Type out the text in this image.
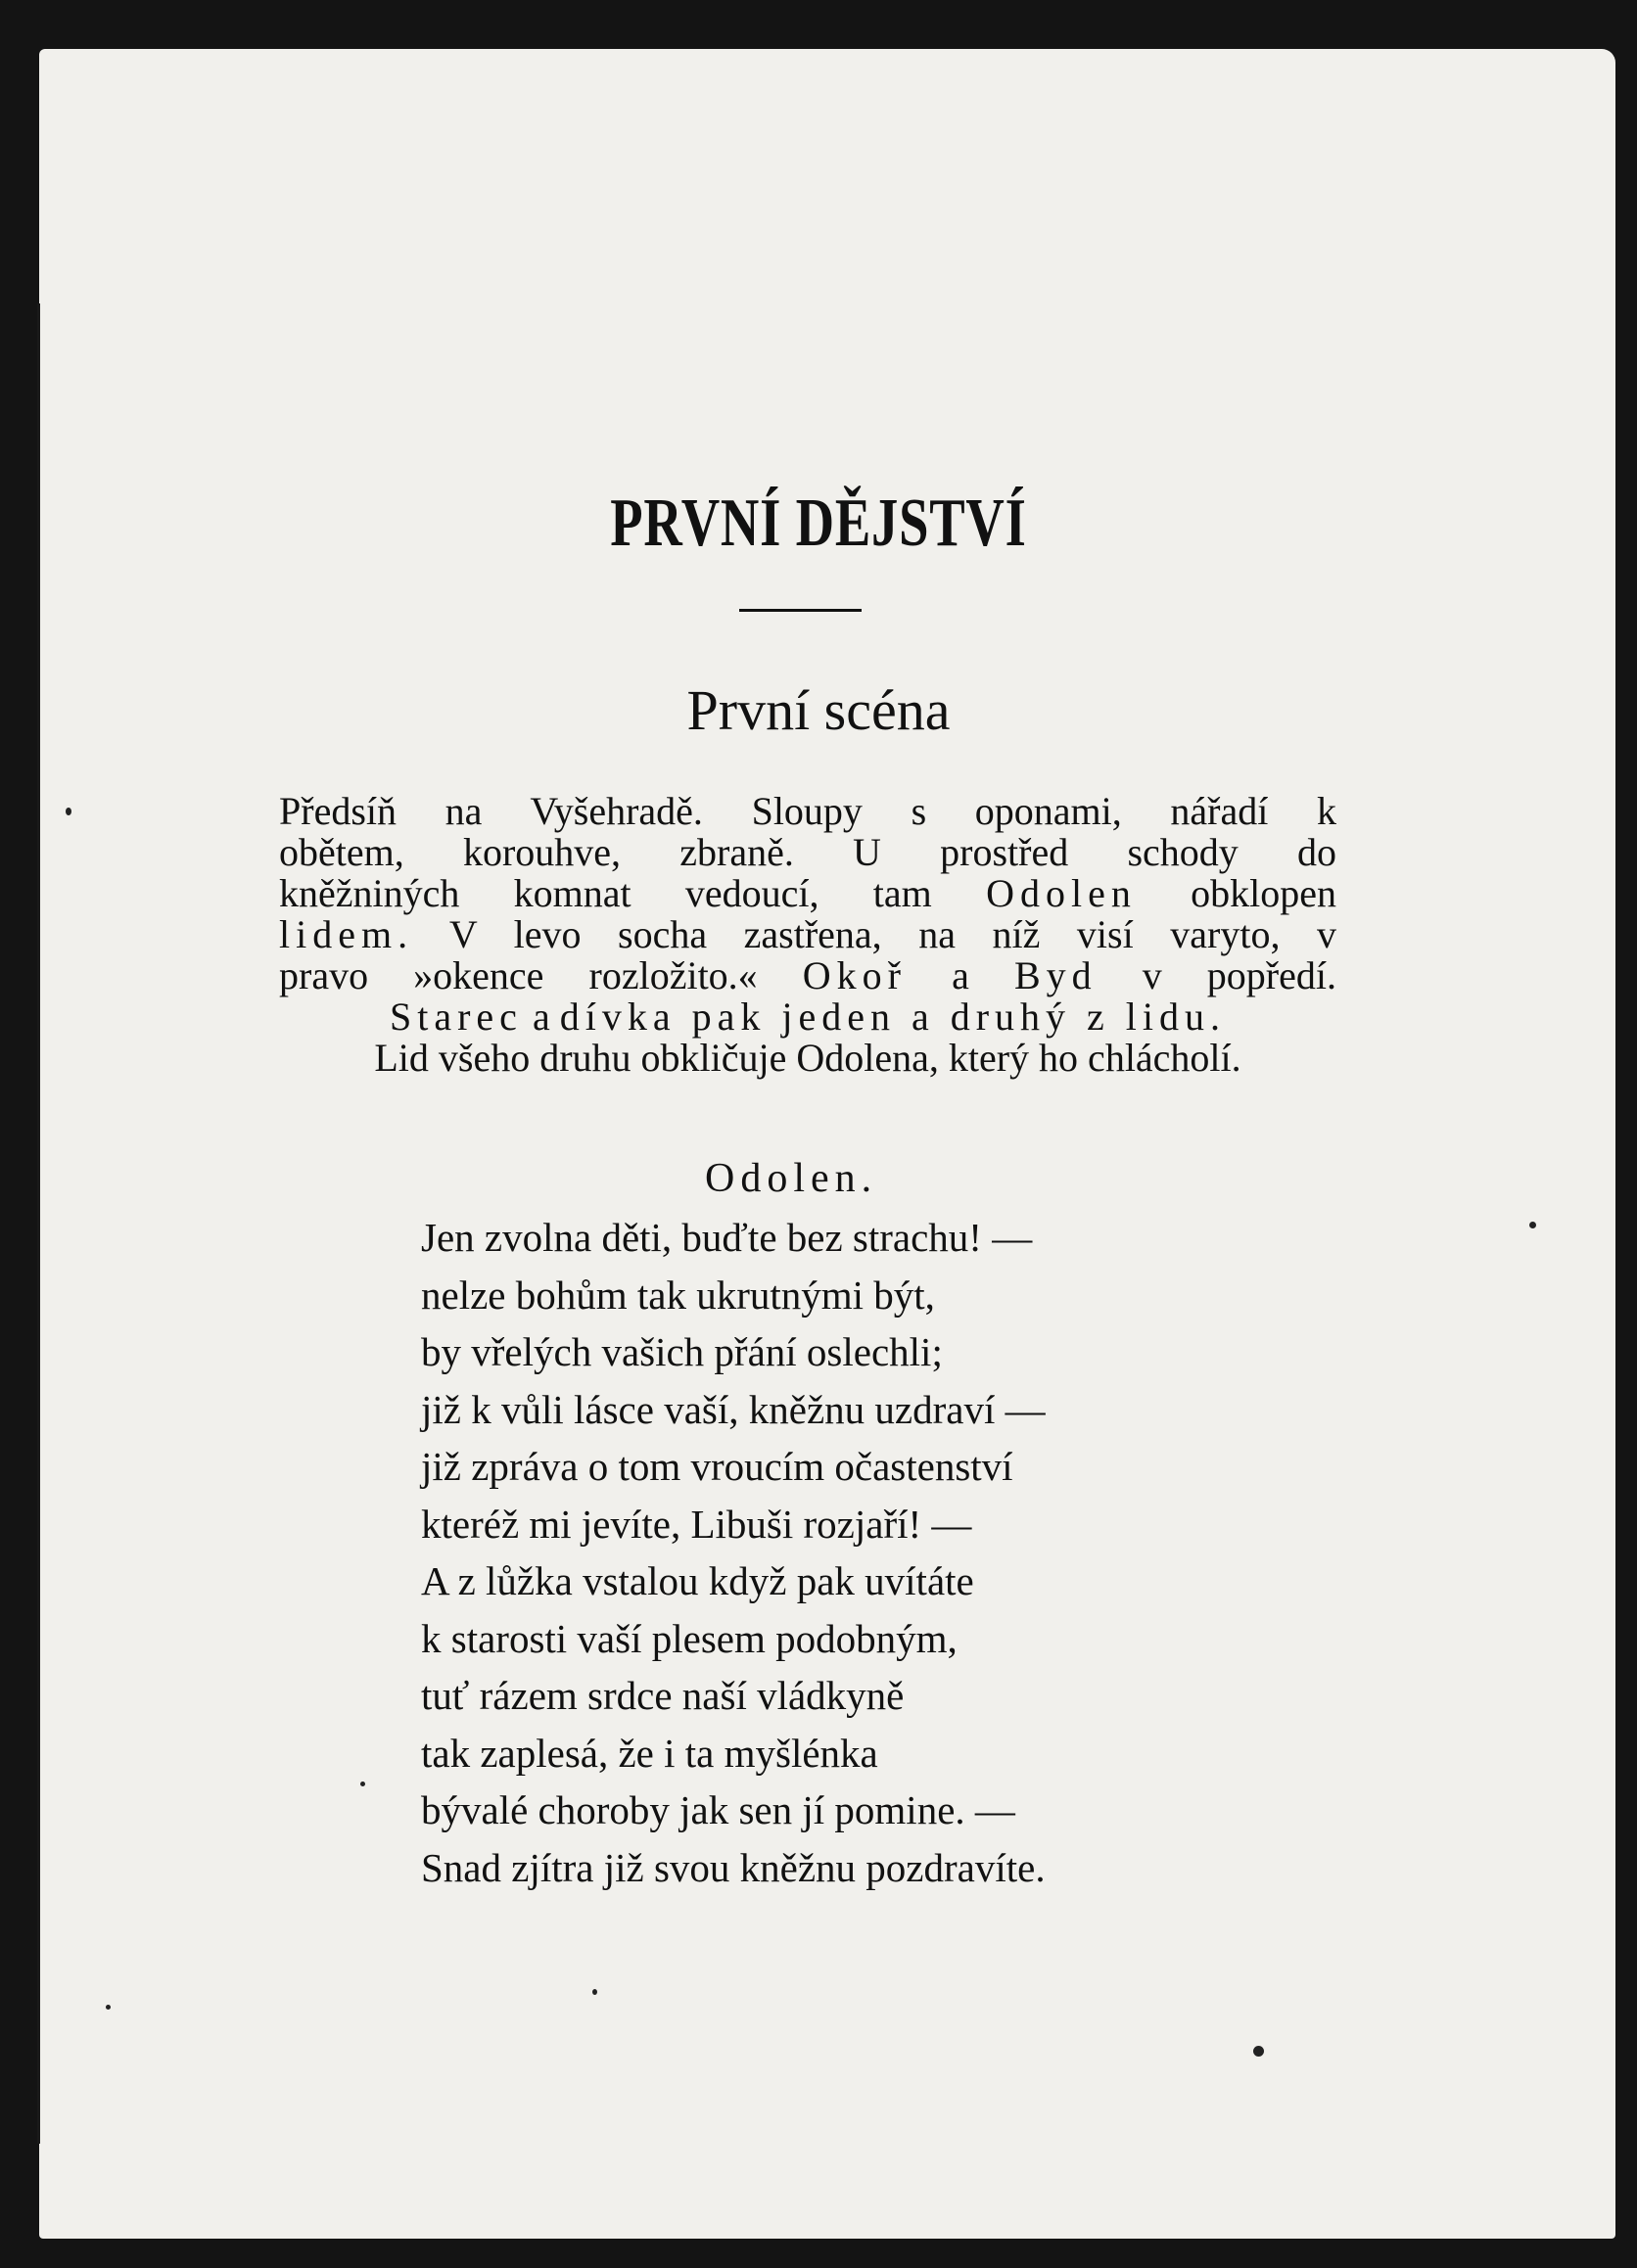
PRVNÍ DĚJSTVÍ
První scéna
Předsíň na Vyšehradě. Sloupy s oponami, nářadí k
obětem, korouhve, zbraně. U prostřed schody do
kněžniných komnat vedoucí, tam Odolen obklopen
lidem. V levo socha zastřena, na níž visí varyto, v
pravo »okence rozložito.« Okoř a Byd v popředí.
Starec a dívka pak jeden a druhý z lidu.
Lid všeho druhu obkličuje Odolena, který ho chlácholí.
Odolen.
Jen zvolna děti, buďte bez strachu! —
nelze bohům tak ukrutnými být,
by vřelých vašich přání oslechli;
již k vůli lásce vaší, kněžnu uzdraví —
již zpráva o tom vroucím očastenství
kteréž mi jevíte, Libuši rozjaří! —
A z lůžka vstalou když pak uvítáte
k starosti vaší plesem podobným,
tuť rázem srdce naší vládkyně
tak zaplesá, že i ta myšlénka
bývalé choroby jak sen jí pomine. —
Snad zjítra již svou kněžnu pozdravíte.
